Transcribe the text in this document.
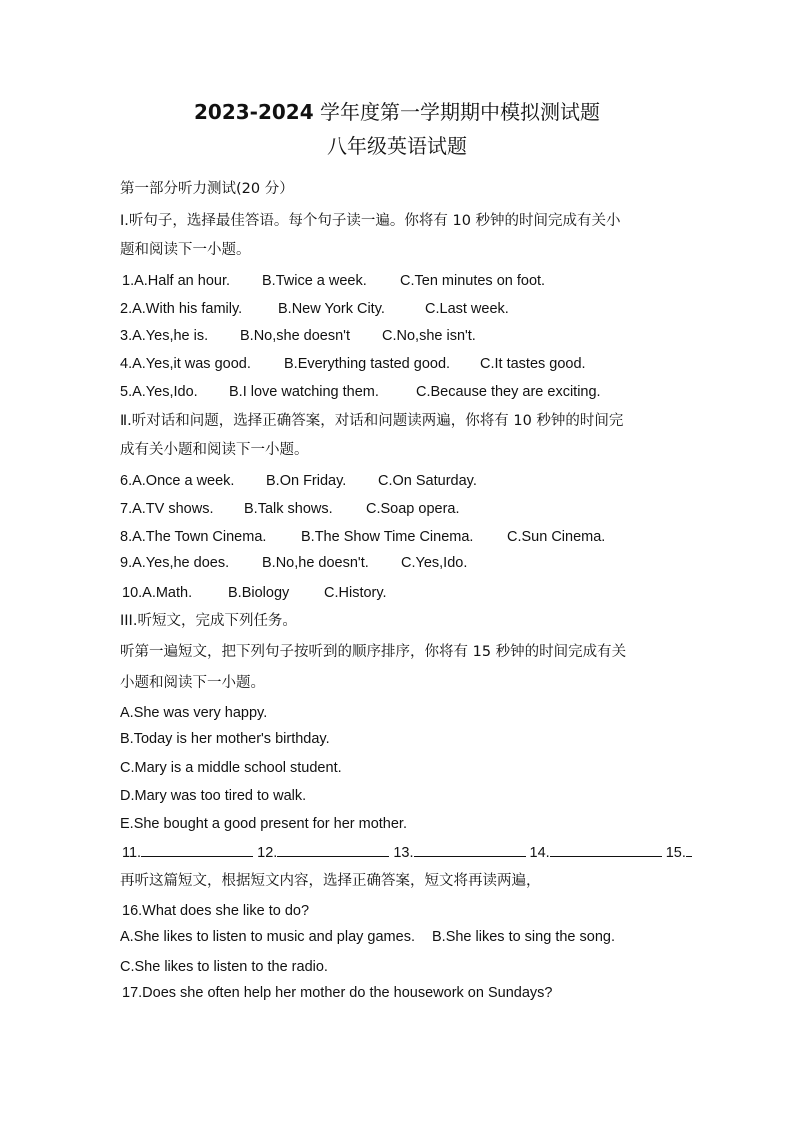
2023-2024 学年度第一学期期中模拟测试题
八年级英语试题
第一部分听力测试(20 分）
I.听句子，选择最佳答语。每个句子读一遍。你将有 10 秒钟的时间完成有关小
题和阅读下一小题。
1.A.Half an hour. B.Twice a week. C.Ten minutes on foot.
2.A.With his family. B.New York City.	C.Last week.
3.A.Yes,he is. B.No,she doesn't C.No,she isn't.
4.A.Yes,it was good. B.Everything tasted good. C.It tastes good.
5.A.Yes,Ido. B.I love watching them.	C.Because they are exciting.
Ⅱ.听对话和问题，选择正确答案，对话和问题读两遍，你将有 10 秒钟的时间完
成有关小题和阅读下一小题。
6.A.Once a week. B.On Friday. C.On Saturday.
7.A.TV shows. B.Talk shows. C.Soap opera.
8.A.The Town Cinema. B.The Show Time Cinema. C.Sun Cinema.
9.A.Yes,he does. B.No,he doesn't. C.Yes,Ido.
10.A.Math. B.Biology C.History.
III.听短文，完成下列任务。
听第一遍短文，把下列句子按听到的顺序排序，你将有 15 秒钟的时间完成有关
小题和阅读下一小题。
A.She was very happy.
B.Today is her mother's birthday.
C.Mary is a middle school student.
D.Mary was too tired to walk.
E.She bought a good present for her mother.
11.	12.	13.	14.	15.
再听这篇短文，根据短文内容，选择正确答案，短文将再读两遍，
16.What does she like to do?
A.She likes to listen to music and play games. B.She likes to sing the song.
C.She likes to listen to the radio.
17.Does she often help her mother do the housework on Sundays?
